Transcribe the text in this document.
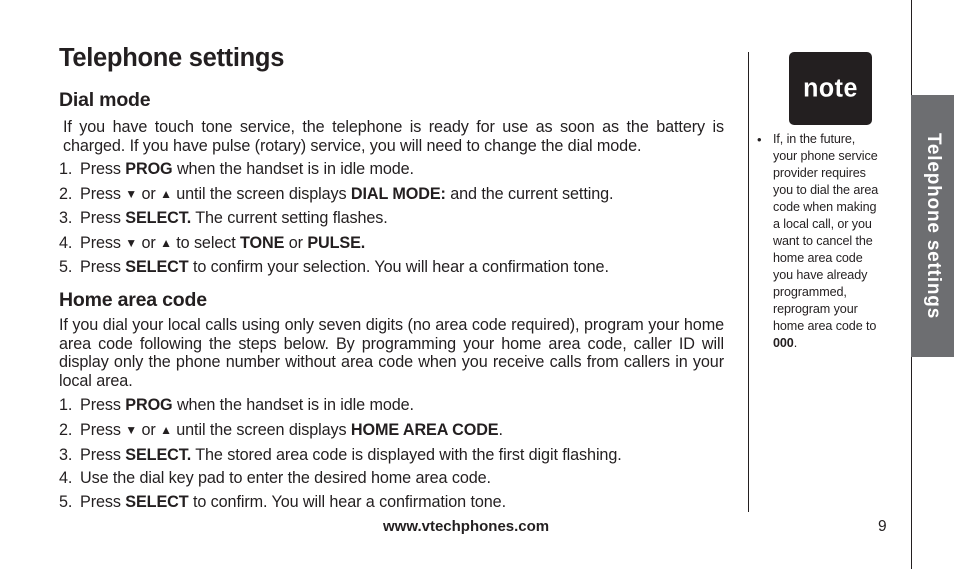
Telephone settings
Dial mode

If you have touch tone service, the telephone is ready for use as soon as the battery is charged. If you have pulse (rotary) service, you will need to change the dial mode.

1. Press PROG when the handset is in idle mode.
2. Press ▼ or ▲ until the screen displays DIAL MODE: and the current setting.
3. Press SELECT. The current setting flashes.
4. Press ▼ or ▲ to select TONE or PULSE.
5. Press SELECT to confirm your selection. You will hear a confirmation tone.
Home area code

If you dial your local calls using only seven digits (no area code required), program your home area code following the steps below. By programming your home area code, caller ID will display only the phone number without area code when you receive calls from callers in your local area.

1. Press PROG when the handset is in idle mode.
2. Press ▼ or ▲ until the screen displays HOME AREA CODE.
3. Press SELECT. The stored area code is displayed with the first digit flashing.
4. Use the dial key pad to enter the desired home area code.
5. Press SELECT to confirm. You will hear a confirmation tone.
note
• If, in the future,
your phone service
provider requires
you to dial the area
code when making
a local call, or you
want to cancel the
home area code
you have already
programmed,
reprogram your
home area code to
000.

Telephone settings

www.vtechphones.com	9
